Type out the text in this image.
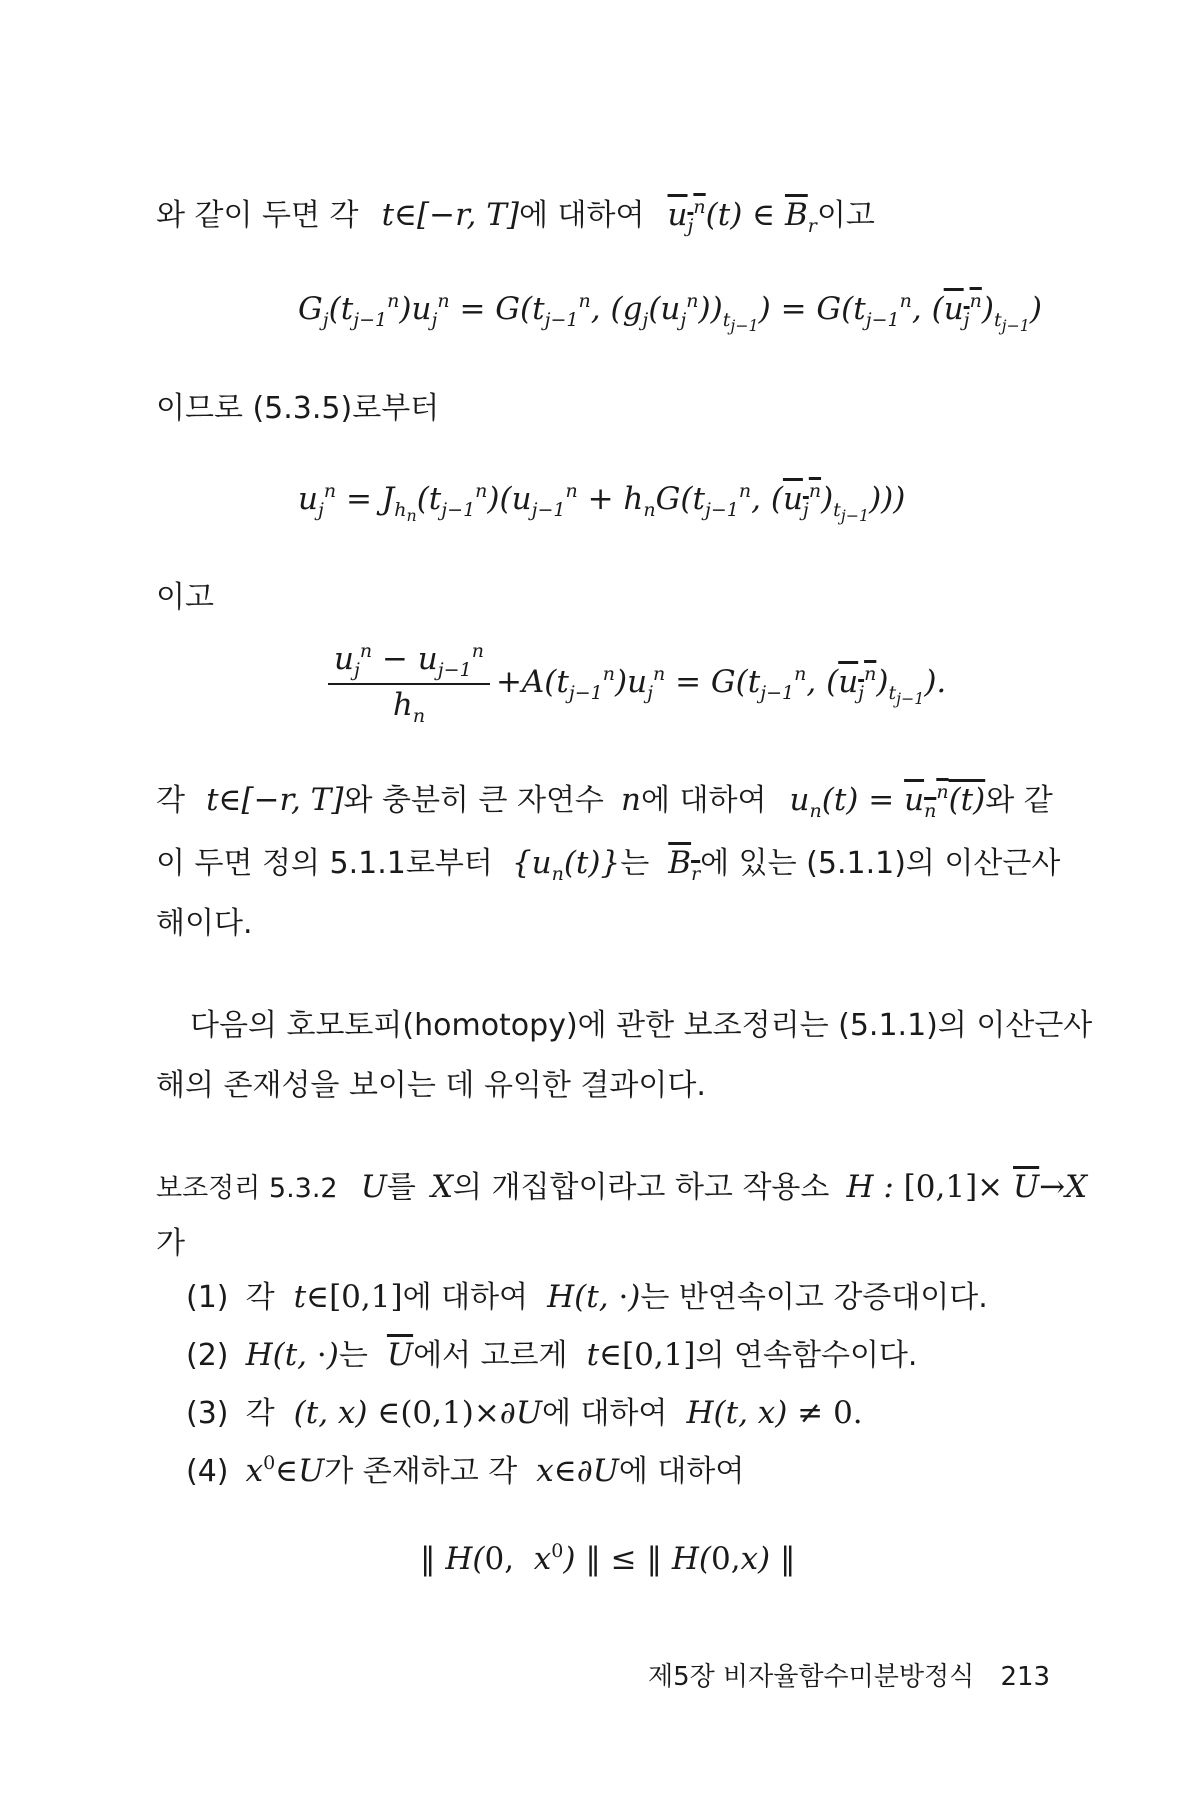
와 같이 두면 각 t∈[−r, T]에 대하여 $u_j^n(t)$ ∈ $\overline{B}_r$이고
$G_j(t_{j-1}^n)u_j^n = G(t_{j-1}^n$, $(g_j(u_j^n))_{t_{j-1}}) = G(t_{j-1}^n$, $(u_j^n)_{t_{j-1}}$)
이므로 (5.3.5)로부터
$u_j^n = J_{h_n}(t_{j-1}^n)(u_{j-1}^n + h_nG(t_{j-1}^n$, $(u_j^n)_{t_{j-1}}$)))
이고
$\frac{u_j^n - u_{j-1}^n}{h_n} +A(t_{j-1}^n)u_j^n = G(t_{j-1}^n$, $(u_j^n)_{t_{j-1}}$).
각 t∈[−r, T]와 충분히 큰 자연수 n에 대하여 $u_n(t) = u_n^n(t)$와 같
이 두면 정의 5.1.1로부터 $\{u_n(t)\}$는 $B_r$에 있는 (5.1.1)의 이산근사
해이다.
다음의 호모토피(homotopy)에 관한 보조정리는 (5.1.1)의 이산근사
해의 존재성을 보이는 데 유익한 결과이다.
보조정리 5.3.2 U를 X의 개집합이라고 하고 작용소 H : $[0,1]\times \overline{U}\to X$
가
(1) 각 t∈[0,1]에 대하여 H(t, ·)는 반연속이고 강증대이다.
(2) H(t, ·)는 $\overline{U}$에서 고르게 t∈[0,1]의 연속함수이다.
(3) 각 (t, x) ∈(0,1)×∂U에 대하여 H(t, x) ≠ 0.
(4) $x^0\in U$가 존재하고 각 x∈∂U에 대하여
‖ H(0,  $x^0$) ‖ ≤ ‖ H(0,x) ‖
제5장 비자율함수미분방정식 213
